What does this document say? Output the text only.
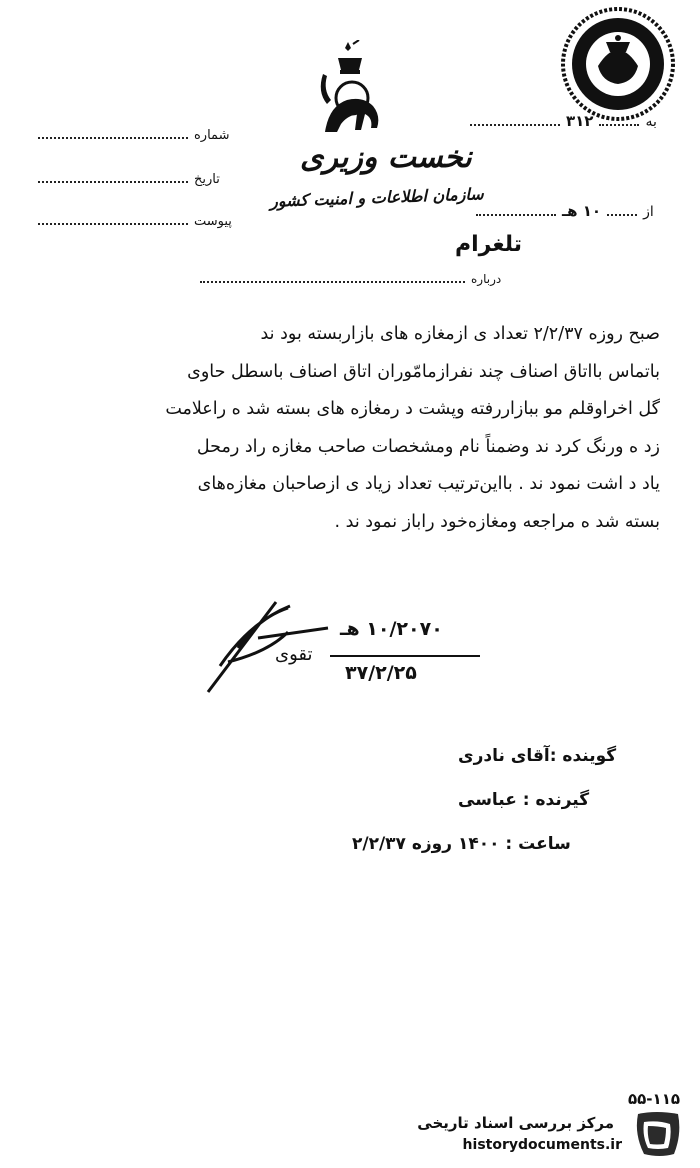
به
۳۱۲
از
۱۰ هـ
شماره
تاریخ
پیوست
نخست وزیری
سازمان اطلاعات و امنیت کشور
تلغرام
درباره

صبح روزه ۲/۲/۳۷ تعداد ی ازمغازه های بازاربسته بود ند

باتماس بااتاق اصناف چند نفرازمامّوران اتاق اصناف باسطل حاوی

گل اخراوقلم مو ببازاررفته وپشت د رمغازه های بسته شد ه راعلامت

زد ه ورنگ کرد ند وضمناً نام ومشخصات صاحب مغازه راد رمحل

یاد د اشت نمود ند . بااین‌ترتیب تعداد زیاد ی ازصاحبان مغازه‌های

بسته شد ه مراجعه ومغازه‌خود راباز نمود ند .

۱۰/۲۰۷۰ هـ
تقوی
۳۷/۲/۲۵
گوینده :آقای نادری
گیرنده : عباسی
ساعت : ۱۴۰۰ روزه ۲/۲/۳۷
۵۵-۱۱۵
مرکز بررسی اسناد تاریخی
historydocuments.ir
